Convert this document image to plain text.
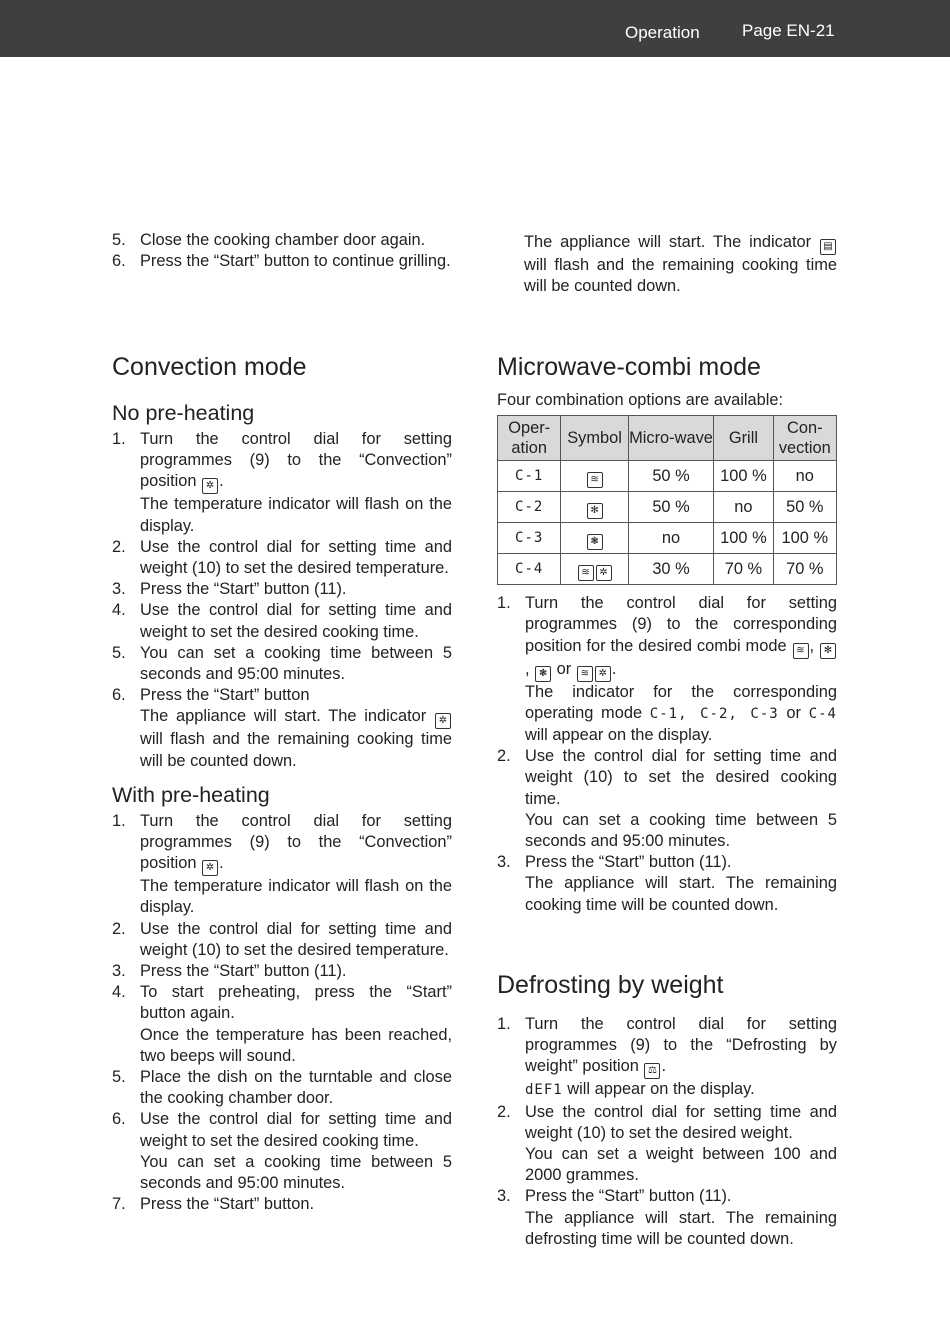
Operation Page EN-21
5. Close the cooking chamber door again.
6. Press the “Start” button to continue grilling.
The appliance will start. The indicator ▤ will flash and the remaining cooking time will be counted down.
Convection mode
No pre-heating
1. Turn the control dial for setting programmes (9) to the “Convection” position ✲ .
The temperature indicator will flash on the display.
2. Use the control dial for setting time and weight (10) to set the desired temperature.
3. Press the “Start” button (11).
4. Use the control dial for setting time and weight to set the desired cooking time.
5. You can set a cooking time between 5 seconds and 95:00 minutes.
6. Press the “Start” button
The appliance will start. The indicator ✲ will flash and the remaining cooking time will be counted down.
With pre-heating
1. Turn the control dial for setting programmes (9) to the “Convection” position ✲ .
The temperature indicator will flash on the display.
2. Use the control dial for setting time and weight (10) to set the desired temperature.
3. Press the “Start” button (11).
4. To start preheating, press the “Start” button again.
Once the temperature has been reached, two beeps will sound.
5. Place the dish on the turntable and close the cooking chamber door.
6. Use the control dial for setting time and weight to set the desired cooking time.
You can set a cooking time between 5 seconds and 95:00 minutes.
7. Press the “Start” button.
Microwave-combi mode
Four combination options are available:
Oper-ation	Symbol	Micro-wave	Grill	Con-vection
C-1	≋	50 %	100 %	no
C-2	✻	50 %	no	50 %
C-3	❃	no	100 %	100 %
C-4	≋ ✲	30 %	70 %	70 %
1. Turn the control dial for setting programmes (9) to the corresponding position for the desired combi mode ≋ , ✻, ❃ or ≋ ✲ .
The indicator for the corresponding operating mode C-1, C-2, C-3 or C-4 will appear on the display.
2. Use the control dial for setting time and weight (10) to set the desired cooking time.
You can set a cooking time between 5 seconds and 95:00 minutes.
3. Press the “Start” button (11).
The appliance will start. The remaining cooking time will be counted down.
Defrosting by weight
1. Turn the control dial for setting programmes (9) to the “Defrosting by weight” position ⚖ .
dEF1 will appear on the display.
2. Use the control dial for setting time and weight (10) to set the desired weight.
You can set a weight between 100 and 2000 grammes.
3. Press the “Start” button (11).
The appliance will start. The remaining defrosting time will be counted down.
